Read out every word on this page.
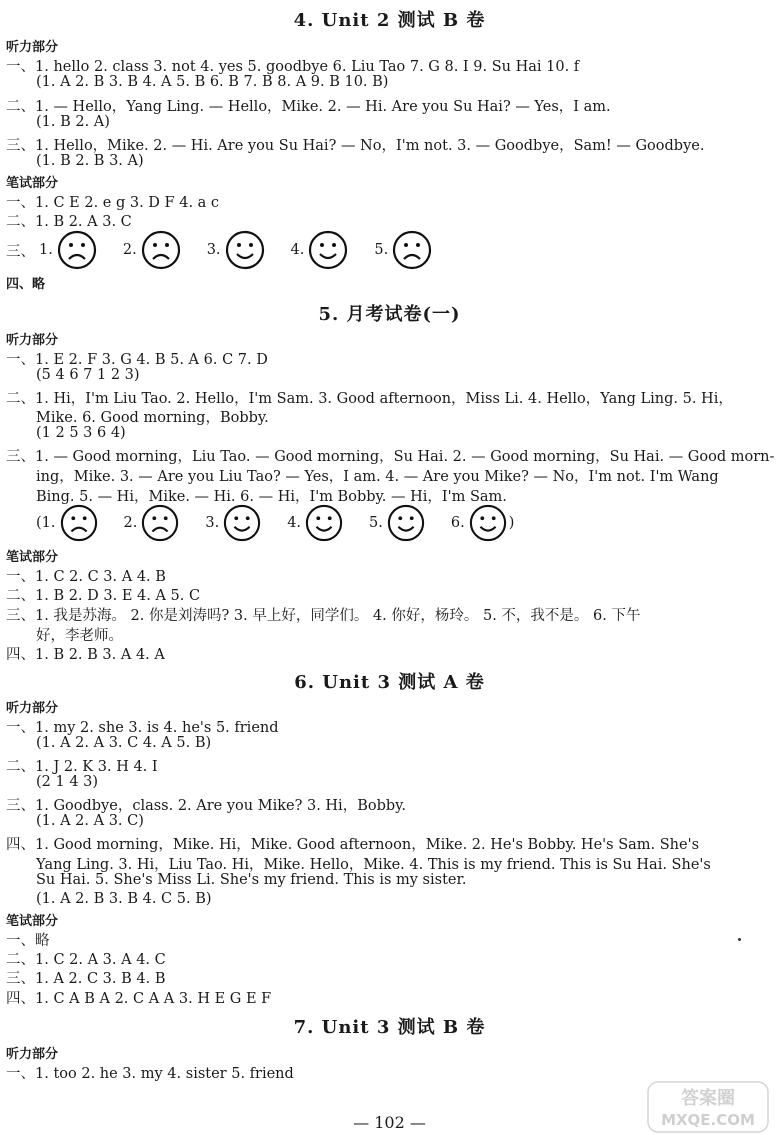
4. Unit 2 测试 B 卷
听力部分
一、1. hello 2. class 3. not 4. yes 5. goodbye 6. Liu Tao 7. G 8. I 9. Su Hai 10. f
(1. A 2. B 3. B 4. A 5. B 6. B 7. B 8. A 9. B 10. B)
二、1. — Hello，Yang Ling. — Hello，Mike. 2. — Hi. Are you Su Hai? — Yes，I am.
(1. B 2. A)
三、1. Hello，Mike. 2. — Hi. Are you Su Hai? — No，I'm not. 3. — Goodbye，Sam! — Goodbye.
(1. B 2. B 3. A)
笔试部分
一、1. C E 2. e g 3. D F 4. a c
二、1. B 2. A 3. C
三、 1.	2.	3.	4.	5.
四、略
5. 月考试卷(一)
听力部分
一、1. E 2. F 3. G 4. B 5. A 6. C 7. D
(5 4 6 7 1 2 3)
二、1. Hi，I'm Liu Tao. 2. Hello，I'm Sam. 3. Good afternoon，Miss Li. 4. Hello，Yang Ling. 5. Hi，
Mike. 6. Good morning，Bobby.
(1 2 5 3 6 4)
三、1. — Good morning，Liu Tao. — Good morning，Su Hai. 2. — Good morning，Su Hai. — Good morn-
ing，Mike. 3. — Are you Liu Tao? — Yes，I am. 4. — Are you Mike? — No，I'm not. I'm Wang
Bing. 5. — Hi，Mike. — Hi. 6. — Hi，I'm Bobby. — Hi，I'm Sam.
(1.	2.	3.	4.	5.	6.	)
笔试部分
一、1. C 2. C 3. A 4. B
二、1. B 2. D 3. E 4. A 5. C
三、1. 我是苏海。 2. 你是刘涛吗? 3. 早上好，同学们。 4. 你好，杨玲。 5. 不，我不是。 6. 下午
好，李老师。
四、1. B 2. B 3. A 4. A
6. Unit 3 测试 A 卷
听力部分
一、1. my 2. she 3. is 4. he's 5. friend
(1. A 2. A 3. C 4. A 5. B)
二、1. J 2. K 3. H 4. I
(2 1 4 3)
三、1. Goodbye，class. 2. Are you Mike? 3. Hi，Bobby.
(1. A 2. A 3. C)
四、1. Good morning，Mike. Hi，Mike. Good afternoon，Mike. 2. He's Bobby. He's Sam. She's
Yang Ling. 3. Hi，Liu Tao. Hi，Mike. Hello，Mike. 4. This is my friend. This is Su Hai. She's
Su Hai. 5. She's Miss Li. She's my friend. This is my sister.
(1. A 2. B 3. B 4. C 5. B)
笔试部分
一、略
二、1. C 2. A 3. A 4. C
三、1. A 2. C 3. B 4. B
四、1. C A B A 2. C A A 3. H E G E F
7. Unit 3 测试 B 卷
听力部分
一、1. too 2. he 3. my 4. sister 5. friend
答案圈
MXQE.COM
— 102 —
